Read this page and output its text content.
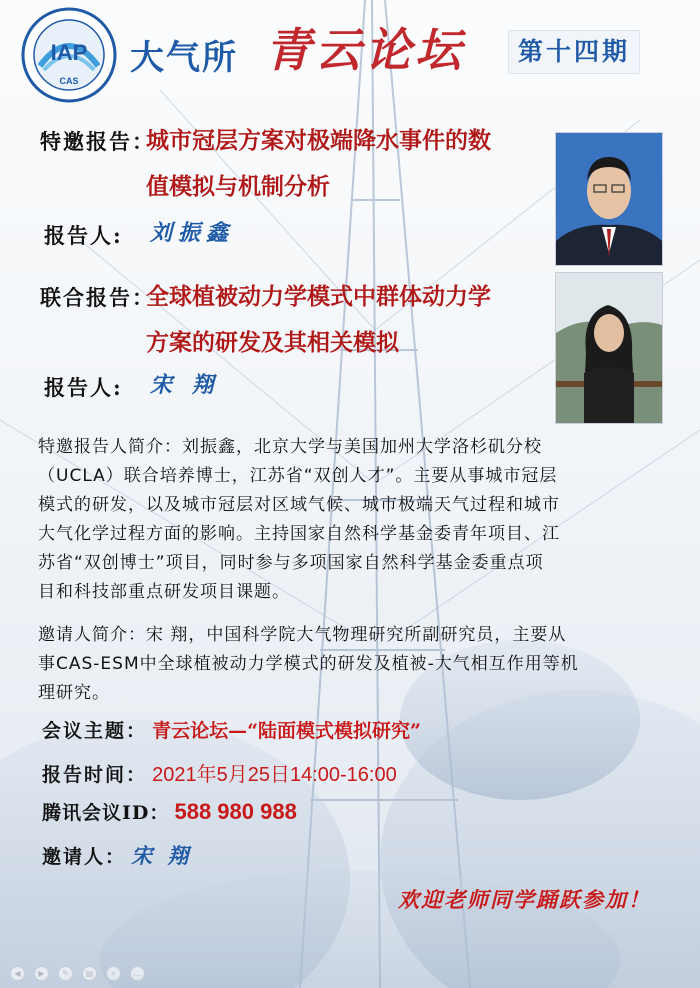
IAP
CAS
大气所 青云论坛	第十四期
特邀报告：
城市冠层方案对极端降水事件的数
值模拟与机制分析
报告人: 刘振鑫
联合报告：
全球植被动力学模式中群体动力学
方案的研发及其相关模拟
报告人: 宋 翔
特邀报告人简介：刘振鑫，北京大学与美国加州大学洛杉矶分校
（UCLA）联合培养博士，江苏省“双创人才”。主要从事城市冠层
模式的研发，以及城市冠层对区域气候、城市极端天气过程和城市
大气化学过程方面的影响。主持国家自然科学基金委青年项目、江
苏省“双创博士”项目，同时参与多项国家自然科学基金委重点项
目和科技部重点研发项目课题。
邀请人简介：宋 翔，中国科学院大气物理研究所副研究员，主要从
事CAS-ESM中全球植被动力学模式的研发及植被-大气相互作用等机
理研究。
会议主题： 青云论坛—“陆面模式模拟研究”
报告时间： 2021年5月25日14:00-16:00
腾讯会议ID： 588 980 988
邀请人： 宋 翔
欢迎老师同学踊跃参加！
◀	▶	✎	▤	⌕	…
